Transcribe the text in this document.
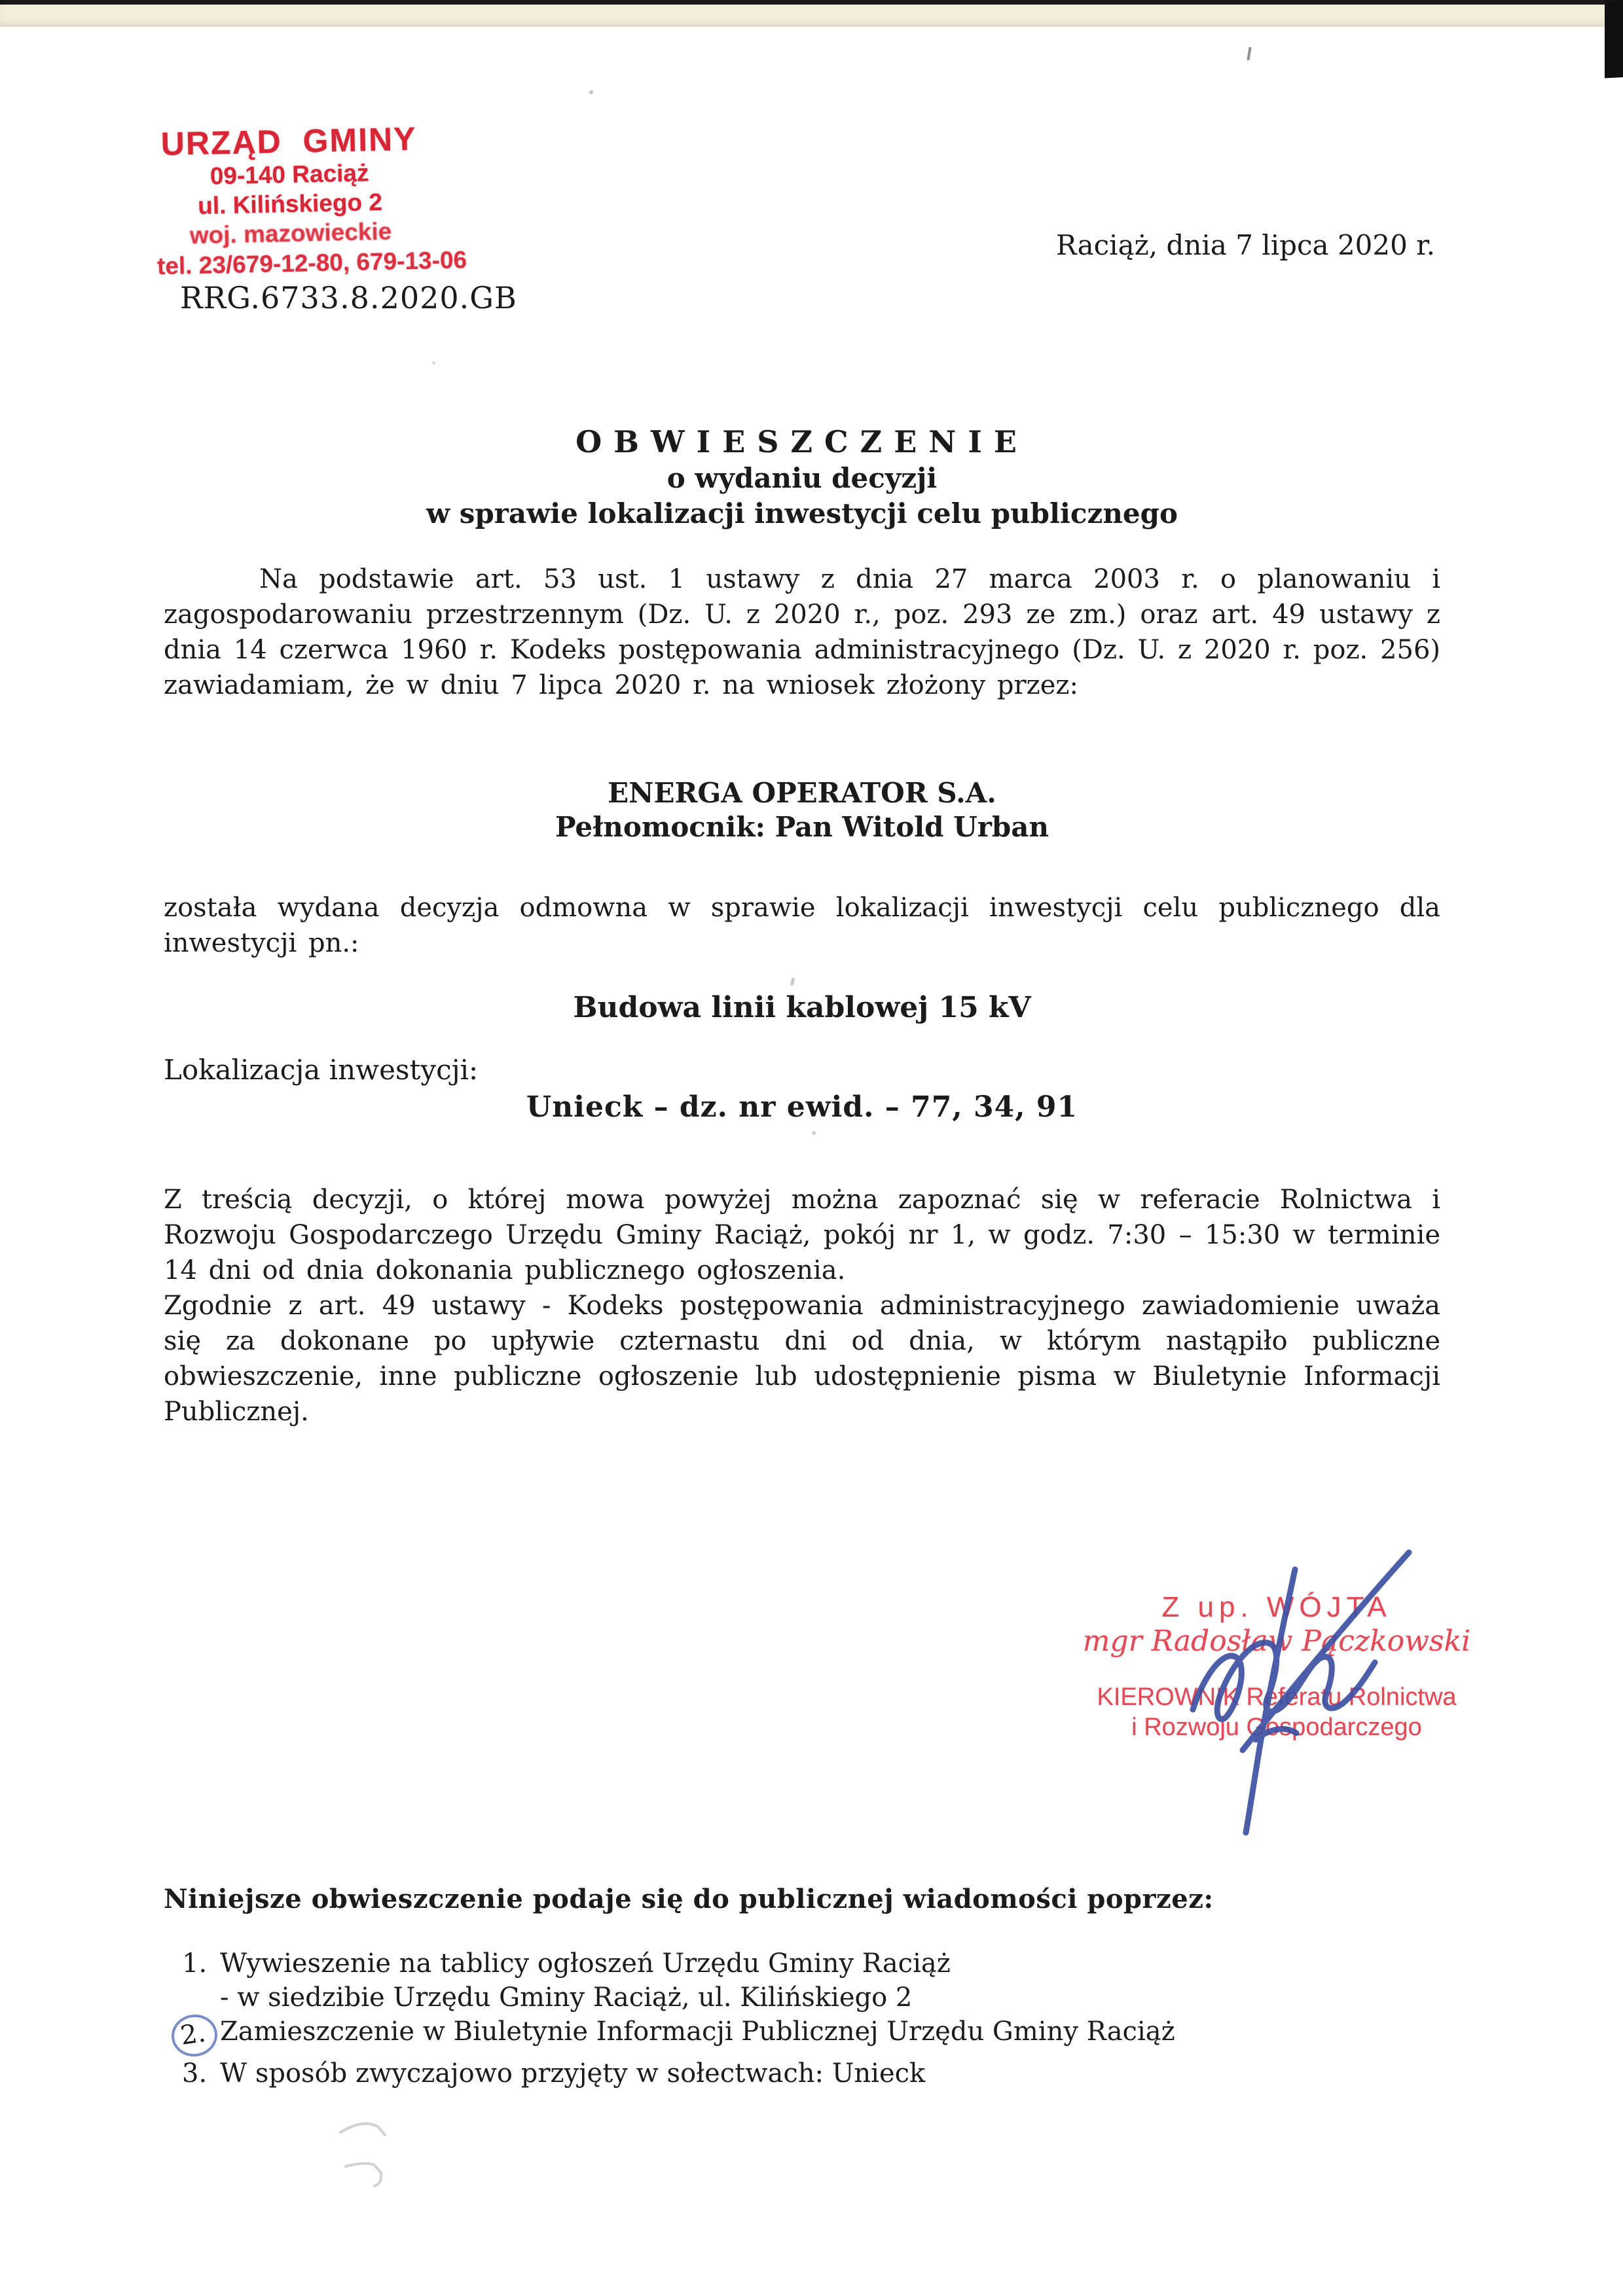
URZĄD GMINY
09-140 Raciąż
ul. Kilińskiego 2
woj. mazowieckie
tel. 23/679-12-80, 679-13-06
Raciąż, dnia 7 lipca 2020 r.
RRG.6733.8.2020.GB
OBWIESZCZENIE
o wydaniu decyzji
w sprawie lokalizacji inwestycji celu publicznego
Na podstawie art. 53 ust. 1 ustawy z dnia 27 marca 2003 r. o planowaniu i zagospodarowaniu przestrzennym (Dz. U. z 2020 r., poz. 293 ze zm.) oraz art. 49 ustawy z dnia 14 czerwca 1960 r. Kodeks postępowania administracyjnego (Dz. U. z 2020 r. poz. 256) zawiadamiam, że w dniu 7 lipca 2020 r. na wniosek złożony przez:
ENERGA OPERATOR S.A.
Pełnomocnik: Pan Witold Urban
została wydana decyzja odmowna w sprawie lokalizacji inwestycji celu publicznego dla inwestycji pn.:
Budowa linii kablowej 15 kV
Lokalizacja inwestycji:
Unieck – dz. nr ewid. – 77, 34, 91
Z treścią decyzji, o której mowa powyżej można zapoznać się w referacie Rolnictwa i Rozwoju Gospodarczego Urzędu Gminy Raciąż, pokój nr 1, w godz. 7:30 – 15:30 w terminie 14 dni od dnia dokonania publicznego ogłoszenia.
Zgodnie z art. 49 ustawy - Kodeks postępowania administracyjnego zawiadomienie uważa się za dokonane po upływie czternastu dni od dnia, w którym nastąpiło publiczne obwieszczenie, inne publiczne ogłoszenie lub udostępnienie pisma w Biuletynie Informacji Publicznej.
Z up. WÓJTA
mgr Radosław Pączkowski
KIEROWNIK Referatu Rolnictwa
i Rozwoju Gospodarczego
Niniejsze obwieszczenie podaje się do publicznej wiadomości poprzez:
1. Wywieszenie na tablicy ogłoszeń Urzędu Gminy Raciąż
- w siedzibie Urzędu Gminy Raciąż, ul. Kilińskiego 2
2. Zamieszczenie w Biuletynie Informacji Publicznej Urzędu Gminy Raciąż
3. W sposób zwyczajowo przyjęty w sołectwach: Unieck
